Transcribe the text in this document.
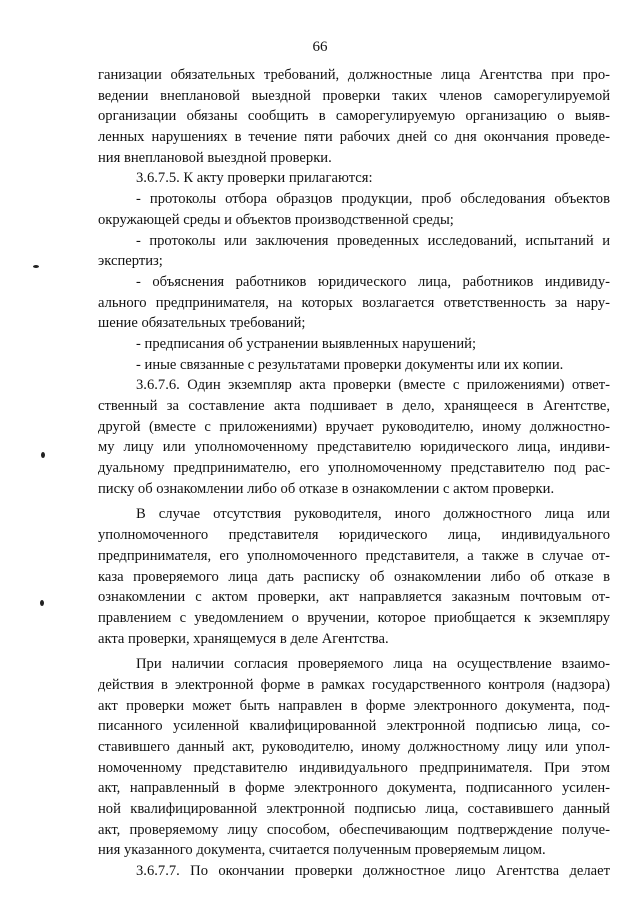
66
ганизации обязательных требований, должностные лица Агентства при про-
ведении внеплановой выездной проверки таких членов саморегулируемой
организации обязаны сообщить в саморегулируемую организацию о выяв-
ленных нарушениях в течение пяти рабочих дней со дня окончания проведе-
ния внеплановой выездной проверки.
3.6.7.5. К акту проверки прилагаются:
- протоколы отбора образцов продукции, проб обследования объектов
окружающей среды и объектов производственной среды;
- протоколы или заключения проведенных исследований, испытаний и
экспертиз;
- объяснения работников юридического лица, работников индивиду-
ального предпринимателя, на которых возлагается ответственность за нару-
шение обязательных требований;
- предписания об устранении выявленных нарушений;
- иные связанные с результатами проверки документы или их копии.
3.6.7.6. Один экземпляр акта проверки (вместе с приложениями) ответ-
ственный за составление акта подшивает в дело, хранящееся в Агентстве,
другой (вместе с приложениями) вручает руководителю, иному должностно-
му лицу или уполномоченному представителю юридического лица, индиви-
дуальному предпринимателю, его уполномоченному представителю под рас-
писку об ознакомлении либо об отказе в ознакомлении с актом проверки.
В случае отсутствия руководителя, иного должностного лица или
уполномоченного представителя юридического лица, индивидуального
предпринимателя, его уполномоченного представителя, а также в случае от-
каза проверяемого лица дать расписку об ознакомлении либо об отказе в
ознакомлении с актом проверки, акт направляется заказным почтовым от-
правлением с уведомлением о вручении, которое приобщается к экземпляру
акта проверки, хранящемуся в деле Агентства.
При наличии согласия проверяемого лица на осуществление взаимо-
действия в электронной форме в рамках государственного контроля (надзора)
акт проверки может быть направлен в форме электронного документа, под-
писанного усиленной квалифицированной электронной подписью лица, со-
ставившего данный акт, руководителю, иному должностному лицу или упол-
номоченному представителю индивидуального предпринимателя. При этом
акт, направленный в форме электронного документа, подписанного усилен-
ной квалифицированной электронной подписью лица, составившего данный
акт, проверяемому лицу способом, обеспечивающим подтверждение получе-
ния указанного документа, считается полученным проверяемым лицом.
3.6.7.7. По окончании проверки должностное лицо Агентства делает
